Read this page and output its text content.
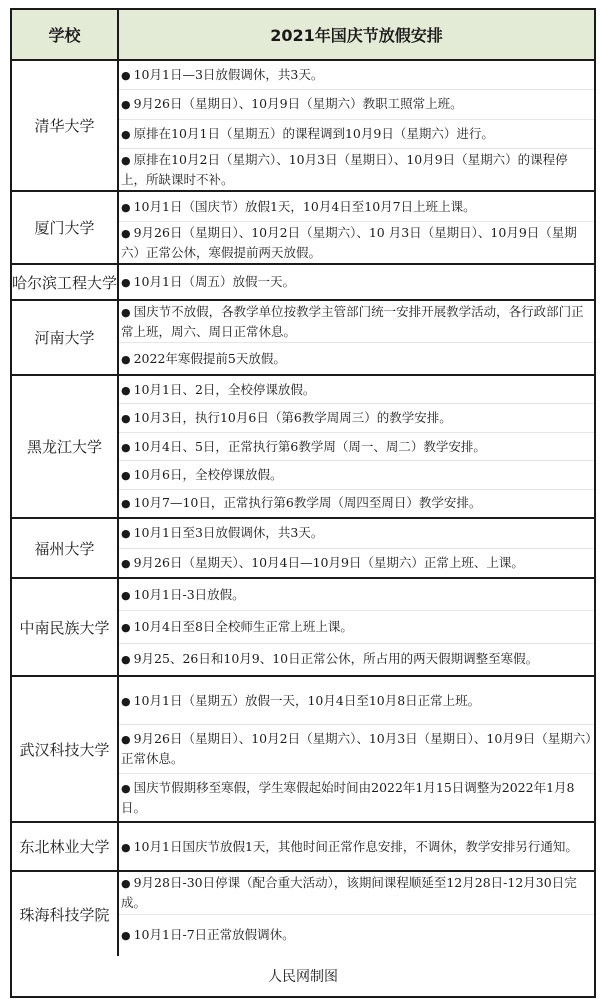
学校	2021年国庆节放假安排
清华大学
● 10月1日—3日放假调休，共3天。
● 9月26日（星期日）、10月9日（星期六）教职工照常上班。
● 原排在10月1日（星期五）的课程调到10月9日（星期六）进行。
● 原排在10月2日（星期六）、10月3日（星期日）、10月9日（星期六）的课程停上，所缺课时不补。
厦门大学
● 10月1日（国庆节）放假1天，10月4日至10月7日上班上课。
● 9月26日（星期日）、10月2日（星期六）、10 月3日（星期日）、10月9日（星期六）正常公休，寒假提前两天放假。
哈尔滨工程大学 ● 10月1日（周五）放假一天。
河南大学
● 国庆节不放假，各教学单位按教学主管部门统一安排开展教学活动，各行政部门正常上班，周六、周日正常休息。
● 2022年寒假提前5天放假。
黑龙江大学
● 10月1日、2日，全校停课放假。
● 10月3日，执行10月6日（第6教学周周三）的教学安排。
● 10月4日、5日，正常执行第6教学周（周一、周二）教学安排。
● 10月6日，全校停课放假。
● 10月7—10日，正常执行第6教学周（周四至周日）教学安排。
福州大学
● 10月1日至3日放假调休，共3天。
● 9月26日（星期天）、10月4日—10月9日（星期六）正常上班、上课。
中南民族大学
● 10月1日-3日放假。
● 10月4日至8日全校师生正常上班上课。
● 9月25、26日和10月9、10日正常公休，所占用的两天假期调整至寒假。
武汉科技大学
● 10月1日（星期五）放假一天，10月4日至10月8日正常上班。
● 9月26日（星期日）、10月2日（星期六）、10月3日（星期日）、10月9日（星期六）正常休息。
● 国庆节假期移至寒假，学生寒假起始时间由2022年1月15日调整为2022年1月8日。
东北林业大学	● 10月1日国庆节放假1天，其他时间正常作息安排，不调休，教学安排另行通知。
珠海科技学院
● 9月28日-30日停课（配合重大活动），该期间课程顺延至12月28日-12月30日完成。
● 10月1日-7日正常放假调休。
人民网制图
